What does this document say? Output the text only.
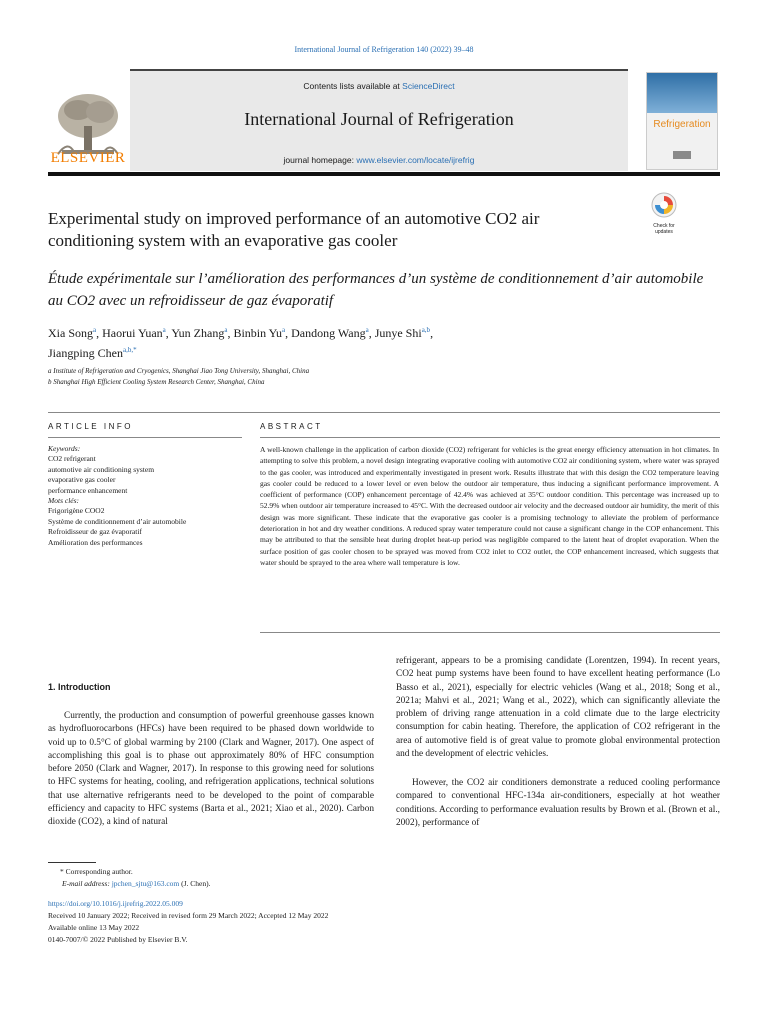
International Journal of Refrigeration 140 (2022) 39–48
Contents lists available at ScienceDirect
International Journal of Refrigeration
journal homepage: www.elsevier.com/locate/ijrefrig
ELSEVIER
Refrigeration
Check for updates
Experimental study on improved performance of an automotive CO2 air conditioning system with an evaporative gas cooler
Étude expérimentale sur l’amélioration des performances d’un système de conditionnement d’air automobile au CO2 avec un refroidisseur de gaz évaporatif
Xia Song$^a$, Haorui Yuan$^a$, Yun Zhang$^a$, Binbin Yu$^a$, Dandong Wang$^a$, Junye Shi$^{a,b}$,
Jiangping Chen$^{a,b,*}$
a Institute of Refrigeration and Cryogenics, Shanghai Jiao Tong University, Shanghai, China
b Shanghai High Efficient Cooling System Research Center, Shanghai, China
ARTICLE INFO	ABSTRACT
Keywords:
CO2 refrigerant
automotive air conditioning system
evaporative gas cooler
performance enhancement
Mots clés:
Frigorigène COO2
Système de conditionnement d’air automobile
Refroidisseur de gaz évaporatif
Amélioration des performances
A well-known challenge in the application of carbon dioxide (CO2) refrigerant for vehicles is the great energy efficiency attenuation in hot climates. In attempting to solve this problem, a novel design integrating evaporative cooling with automotive CO2 air conditioning system, where water was sprayed to the gas cooler, was introduced and experimentally investigated in present work. Results illustrate that with this design the CO2 temperature leaving gas cooler could be reduced to a lower level or even below the outdoor air temperature, thus inducing a significant performance improvement. A coefficient of performance (COP) enhancement percentage of 42.4% was achieved at 35°C outdoor condition. This percentage was increased up to 52.9% when outdoor air temperature increased to 45°C. With the decreased outdoor air velocity and the decreased outdoor air humidity, the merit of this design was more significant. These indicate that the evaporative gas cooler is a promising technology to alleviate the problem of performance deterioration in hot and dry weather conditions. A reduced spray water temperature could not cause a significant change in the COP enhancement. This may be attributed to that the sensible heat during droplet heat-up period was negligible compared to the latent heat of droplet evaporation. When the surface position of gas cooler chosen to be sprayed was moved from CO2 inlet to CO2 outlet, the COP enhancement increased, which suggests that water should be sprayed to the area where wall temperature is low.
1. Introduction
Currently, the production and consumption of powerful greenhouse gasses known as hydrofluorocarbons (HFCs) have been required to be phased down worldwide to void up to 0.5°C of global warming by 2100 (Clark and Wagner, 2017). One aspect of accomplishing this goal is to phase out approximately 80% of HFC consumption before 2050 (Clark and Wagner, 2017). In response to this growing need for solutions to HFC systems for heating, cooling, and refrigeration applications, technical solutions that use alternative refrigerants need to be developed to the point of comparable efficiency and capacity to HFC systems (Barta et al., 2021; Xiao et al., 2020). Carbon dioxide (CO2), a kind of natural
refrigerant, appears to be a promising candidate (Lorentzen, 1994). In recent years, CO2 heat pump systems have been found to have excellent heating performance (Lo Basso et al., 2021), especially for electric vehicles (Wang et al., 2018; Song et al., 2021a; Mahvi et al., 2021; Wang et al., 2022), which can significantly alleviate the problem of driving range attenuation in a cold climate due to the large electricity consumption for cabin heating. Therefore, the application of CO2 refrigerant in the area of automotive field is of great value to promote global environmental protection and the development of electric vehicles.
However, the CO2 air conditioners demonstrate a reduced cooling performance compared to conventional HFC-134a air-conditioners, especially at hot weather conditions. According to performance evaluation results by Brown et al. (Brown et al., 2002), performance of
* Corresponding author.
E-mail address: jpchen_sjtu@163.com (J. Chen).
https://doi.org/10.1016/j.ijrefrig.2022.05.009
Received 10 January 2022; Received in revised form 29 March 2022; Accepted 12 May 2022
Available online 13 May 2022
0140-7007/© 2022 Published by Elsevier B.V.
